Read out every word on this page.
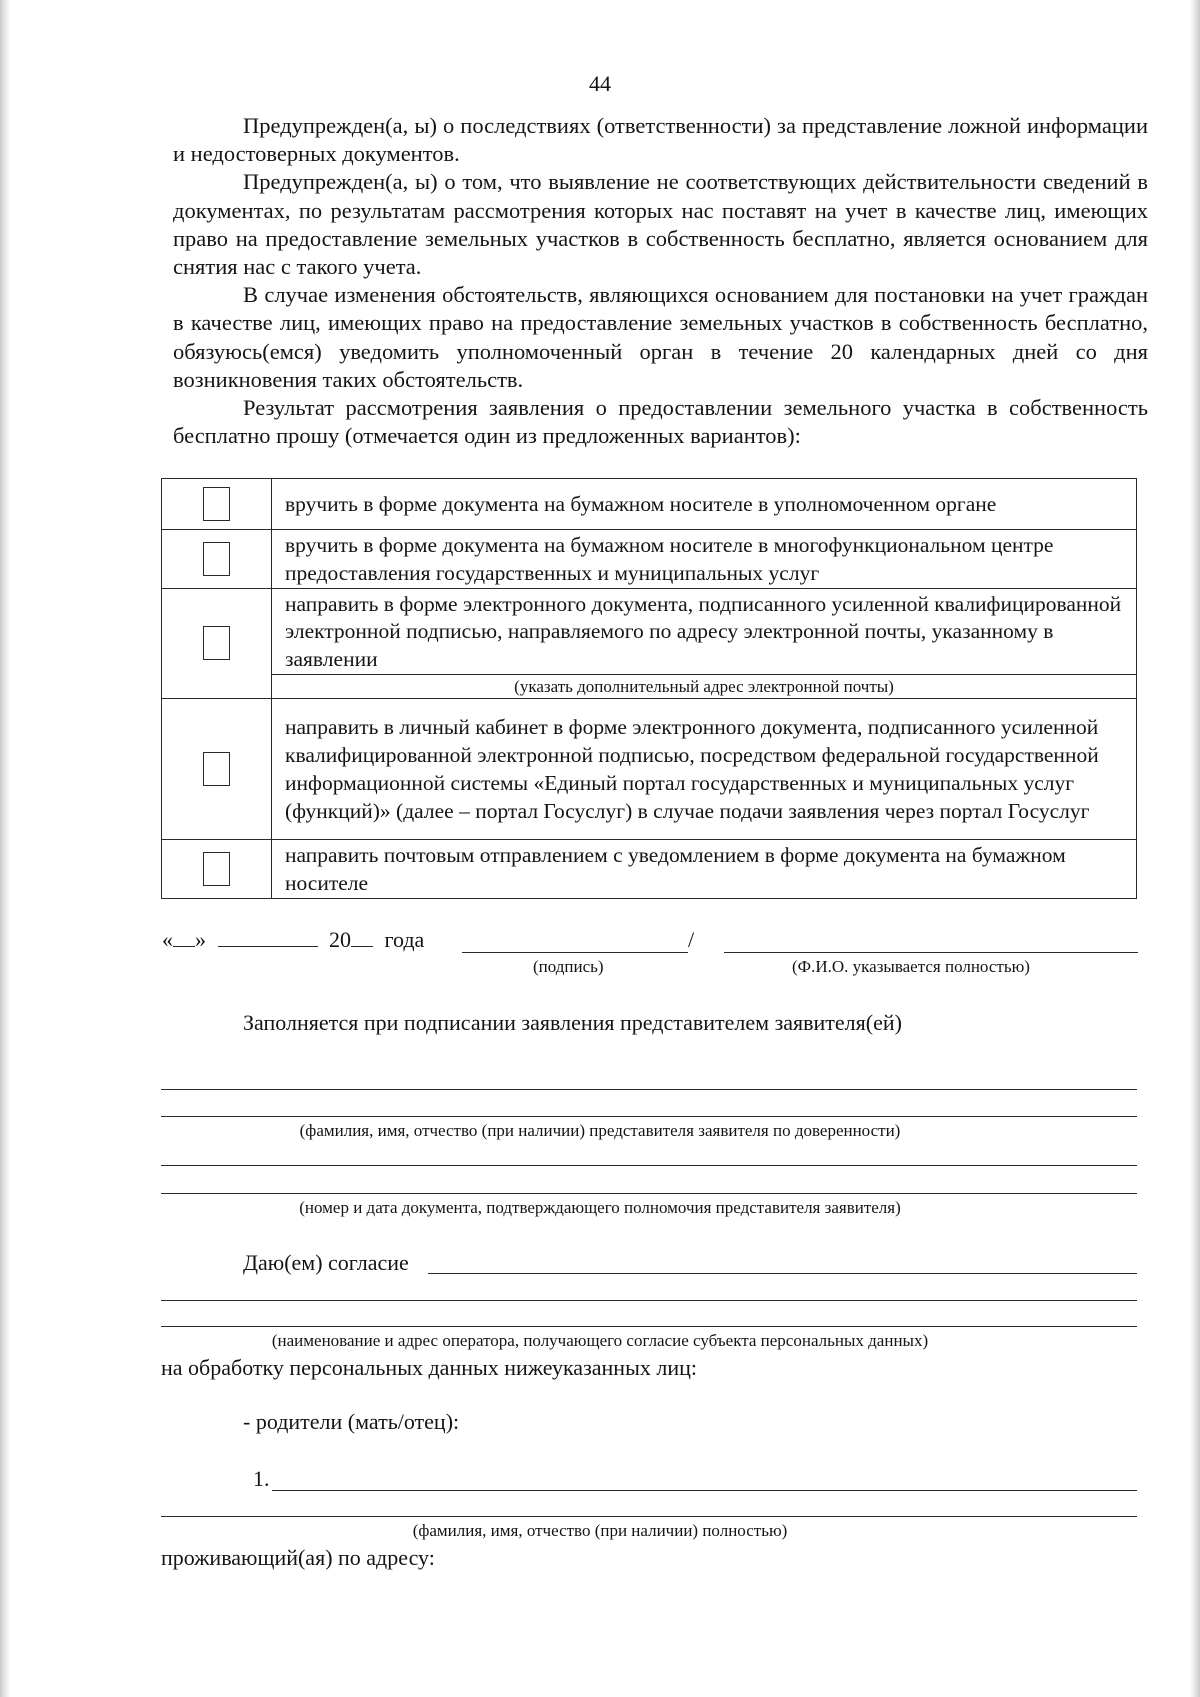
44

Предупрежден(а, ы) о последствиях (ответственности) за представление ложной информации и недостоверных документов.

Предупрежден(а, ы) о том, что выявление не соответствующих действительности сведений в документах, по результатам рассмотрения которых нас поставят на учет в качестве лиц, имеющих право на предоставление земельных участков в собственность бесплатно, является основанием для снятия нас с такого учета.

В случае изменения обстоятельств, являющихся основанием для постановки на учет граждан в качестве лиц, имеющих право на предоставление земельных участков в собственность бесплатно, обязуюсь(емся) уведомить уполномоченный орган в течение 20 календарных дней со дня возникновения таких обстоятельств.

Результат рассмотрения заявления о предоставлении земельного участка в собственность бесплатно прошу (отмечается один из предложенных вариантов):

	вручить в форме документа на бумажном носителе в уполномоченном органе
	вручить в форме документа на бумажном носителе в многофункциональном центре предоставления государственных и муниципальных услуг
	направить в форме электронного документа, подписанного усиленной квалифицированной электронной подписью, направляемого по адресу электронной почты, указанному в заявлении
	(указать дополнительный адрес электронной почты)
	направить в личный кабинет в форме электронного документа, подписанного усиленной квалифицированной электронной подписью, посредством федеральной государственной информационной системы «Единый портал государственных и муниципальных услуг (функций)» (далее – портал Госуслуг) в случае подачи заявления через портал Госуслуг
	направить почтовым отправлением с уведомлением в форме документа на бумажном носителе
« »	20 года	/
(подпись)	(Ф.И.О. указывается полностью)
Заполняется при подписании заявления представителем заявителя(ей)
(фамилия, имя, отчество (при наличии) представителя заявителя по доверенности)
(номер и дата документа, подтверждающего полномочия представителя заявителя)
Даю(ем) согласие
(наименование и адрес оператора, получающего согласие субъекта персональных данных)
на обработку персональных данных нижеуказанных лиц:
- родители (мать/отец):
1.
(фамилия, имя, отчество (при наличии) полностью)
проживающий(ая) по адресу:
